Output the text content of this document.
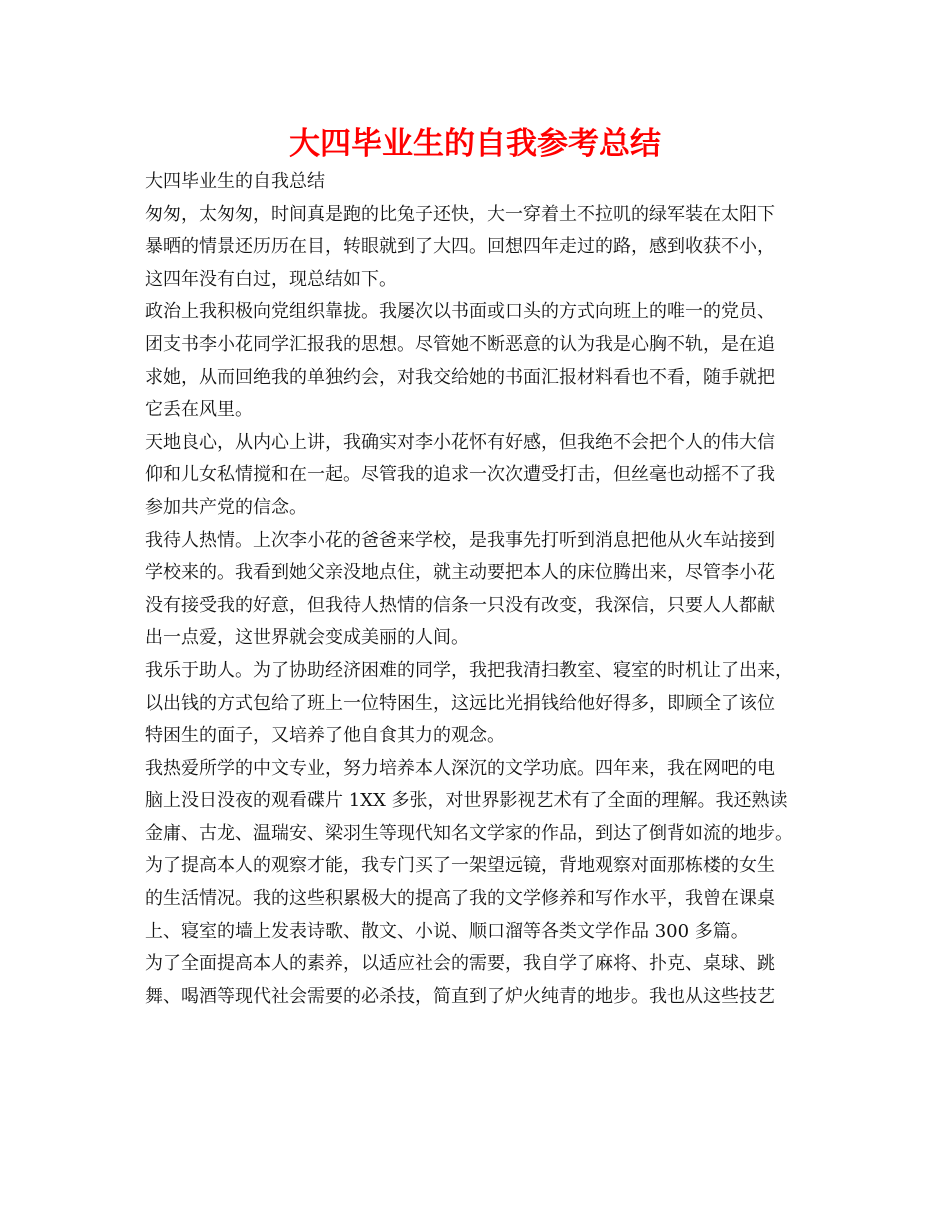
大四毕业生的自我参考总结
大四毕业生的自我总结
匆匆，太匆匆，时间真是跑的比兔子还快，大一穿着土不拉叽的绿军装在太阳下
暴晒的情景还历历在目，转眼就到了大四。回想四年走过的路，感到收获不小，
这四年没有白过，现总结如下。
政治上我积极向党组织靠拢。我屡次以书面或口头的方式向班上的唯一的党员、
团支书李小花同学汇报我的思想。尽管她不断恶意的认为我是心胸不轨，是在追
求她，从而回绝我的单独约会，对我交给她的书面汇报材料看也不看，随手就把
它丢在风里。
天地良心，从内心上讲，我确实对李小花怀有好感，但我绝不会把个人的伟大信
仰和儿女私情搅和在一起。尽管我的追求一次次遭受打击，但丝毫也动摇不了我
参加共产党的信念。
我待人热情。上次李小花的爸爸来学校，是我事先打听到消息把他从火车站接到
学校来的。我看到她父亲没地点住，就主动要把本人的床位腾出来，尽管李小花
没有接受我的好意，但我待人热情的信条一只没有改变，我深信，只要人人都献
出一点爱，这世界就会变成美丽的人间。
我乐于助人。为了协助经济困难的同学，我把我清扫教室、寝室的时机让了出来，
以出钱的方式包给了班上一位特困生，这远比光捐钱给他好得多，即顾全了该位
特困生的面子，又培养了他自食其力的观念。
我热爱所学的中文专业，努力培养本人深沉的文学功底。四年来，我在网吧的电
脑上没日没夜的观看碟片 1XX 多张，对世界影视艺术有了全面的理解。我还熟读
金庸、古龙、温瑞安、梁羽生等现代知名文学家的作品，到达了倒背如流的地步。
为了提高本人的观察才能，我专门买了一架望远镜，背地观察对面那栋楼的女生
的生活情况。我的这些积累极大的提高了我的文学修养和写作水平，我曾在课桌
上、寝室的墙上发表诗歌、散文、小说、顺口溜等各类文学作品 300 多篇。
为了全面提高本人的素养，以适应社会的需要，我自学了麻将、扑克、桌球、跳
舞、喝酒等现代社会需要的必杀技，简直到了炉火纯青的地步。我也从这些技艺
